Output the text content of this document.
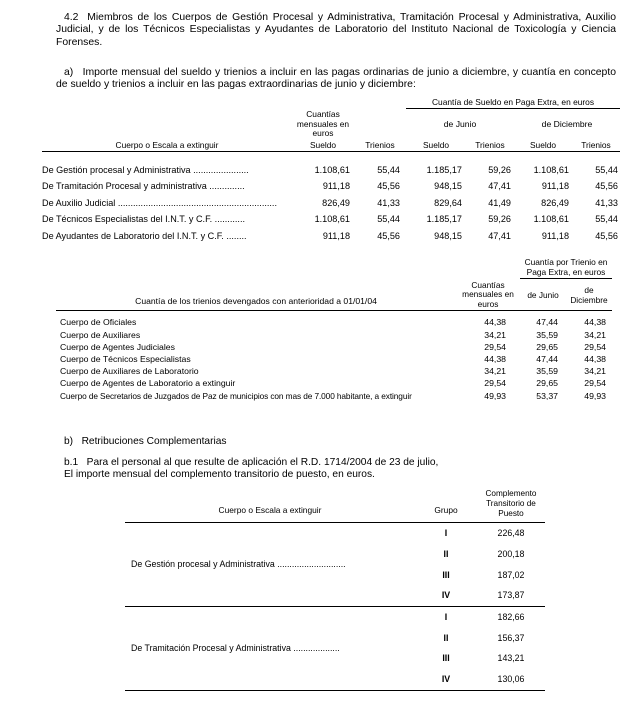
4.2 Miembros de los Cuerpos de Gestión Procesal y Administrativa, Tramitación Procesal y Administrativa, Auxilio Judicial, y de los Técnicos Especialistas y Ayudantes de Laboratorio del Instituto Nacional de Toxicología y Ciencia Forenses.
a) Importe mensual del sueldo y trienios a incluir en las pagas ordinarias de junio a diciembre, y cuantía en concepto de sueldo y trienios a incluir en las pagas extraordinarias de junio y diciembre:
	Cuantías mensuales en euros		Cuantía de Sueldo en Paga Extra, en euros			
			de Junio		de Diciembre	
Cuerpo o Escala a extinguir	Sueldo	Trienios	Sueldo	Trienios	Sueldo	Trienios

De Gestión procesal y Administrativa ......................	1.108,61	55,44	1.185,17	59,26	1.108,61	55,44
De Tramitación Procesal y administrativa ..............	911,18	45,56	948,15	47,41	911,18	45,56
De Auxilio Judicial ...............................................................	826,49	41,33	829,64	41,49	826,49	41,33
De Técnicos Especialistas del I.N.T. y C.F. ............	1.108,61	55,44	1.185,17	59,26	1.108,61	55,44
De Ayudantes de Laboratorio del I.N.T. y C.F. ........	911,18	45,56	948,15	47,41	911,18	45,56
		Cuantía por Trienio en Paga Extra, en euros	
Cuantía de los trienios devengados con anterioridad a 01/01/04	Cuantías mensuales en euros	de Junio	de Diciembre

Cuerpo de Oficiales	44,38	47,44	44,38
Cuerpo de Auxiliares	34,21	35,59	34,21
Cuerpo de Agentes Judiciales	29,54	29,65	29,54
Cuerpo de Técnicos Especialistas	44,38	47,44	44,38
Cuerpo de Auxiliares de Laboratorio	34,21	35,59	34,21
Cuerpo de Agentes de Laboratorio a extinguir	29,54	29,65	29,54
Cuerpo de Secretarios de Juzgados de Paz de municipios con mas de 7.000 habitante, a extinguir	49,93	53,37	49,93
b) Retribuciones Complementarias
b.1 Para el personal al que resulte de aplicación el R.D. 1714/2004 de 23 de julio,
El importe mensual del complemento transitorio de puesto, en euros.
Cuerpo o Escala a extinguir	Grupo	Complemento Transitorio de Puesto
De Gestión procesal y Administrativa ............................	I	226,48
	II	200,18
	III	187,02
	IV	173,87
De Tramitación Procesal y Administrativa ...................	I	182,66
	II	156,37
	III	143,21
	IV	130,06
